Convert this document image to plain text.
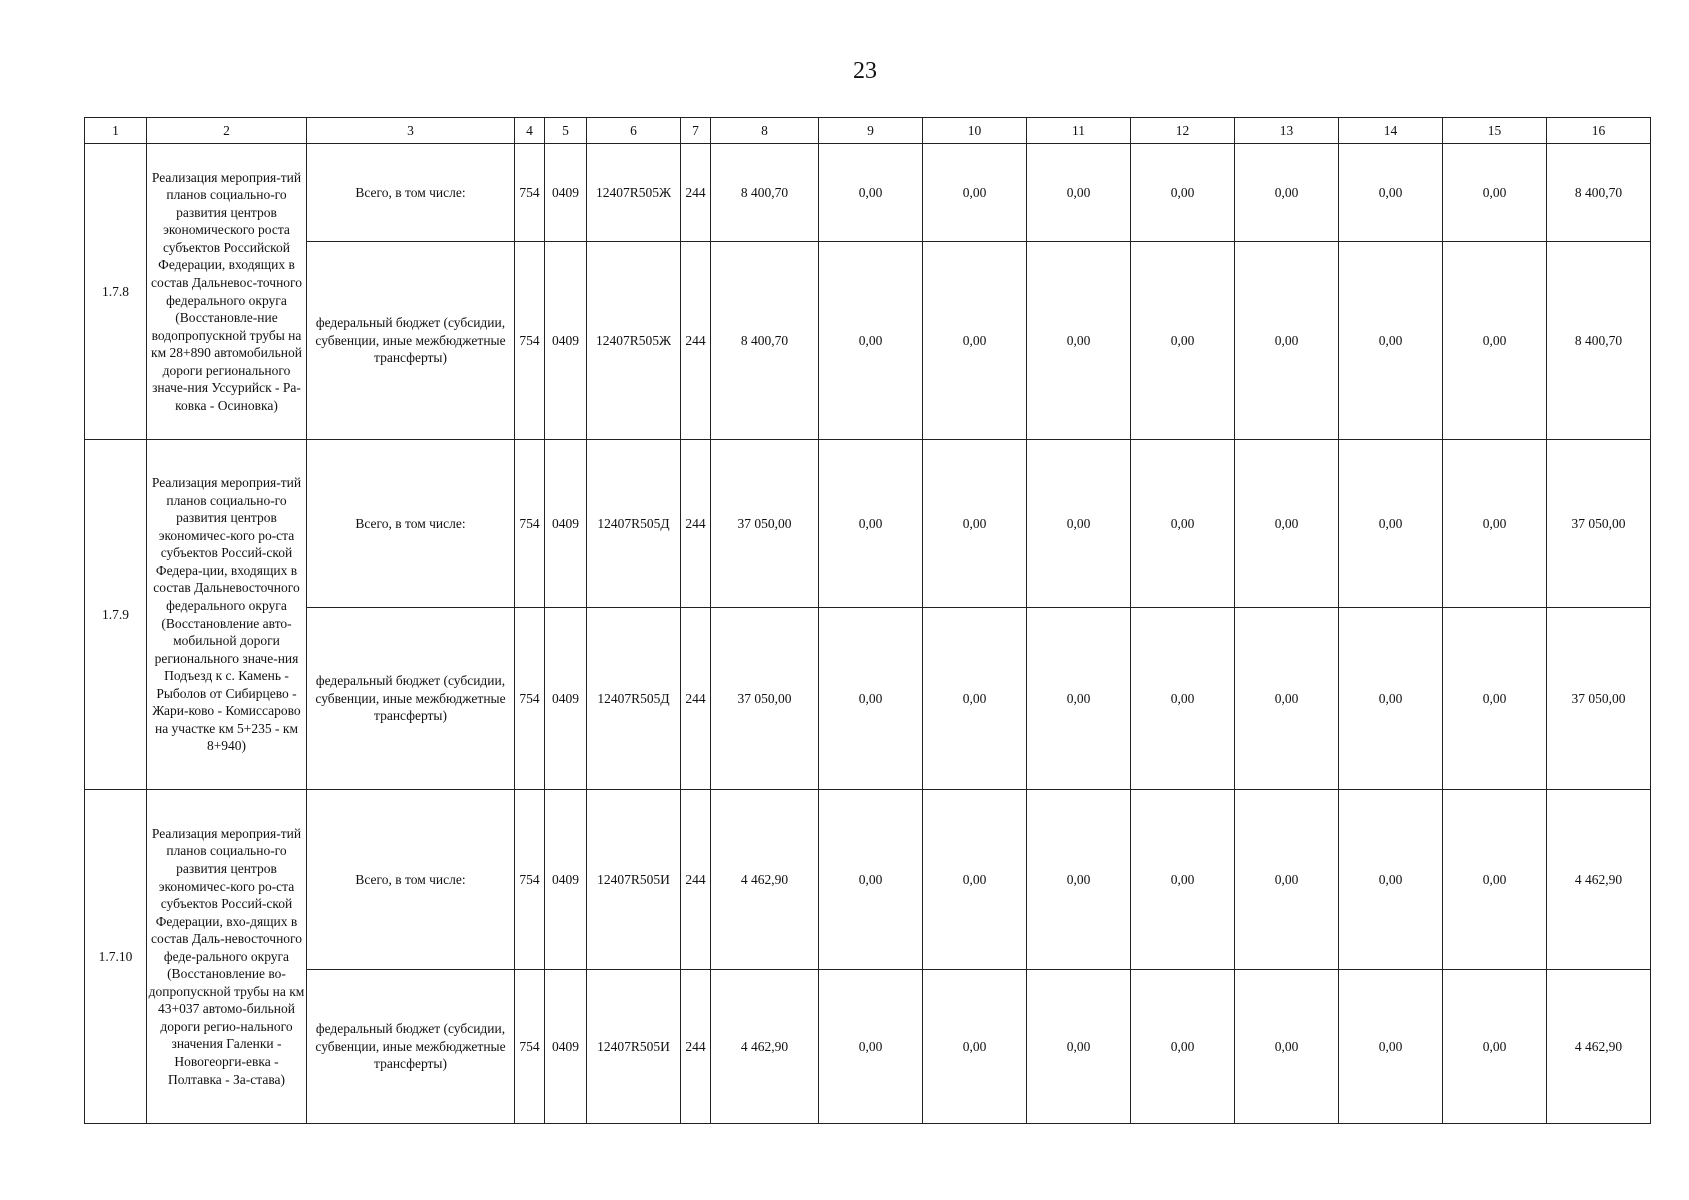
23
1	2	3	4	5	6	7	8	9	10	11	12	13	14	15	16
1.7.8	Реализация мероприя-тий планов социально-го развития центров экономического роста субъектов Российской Федерации, входящих в состав Дальневос-точного федерального округа (Восстановле-ние водопропускной трубы на км 28+890 автомобильной дороги регионального значе-ния Уссурийск - Ра-ковка - Осиновка)	Всего, в том числе:	754	0409	12407R505Ж	244	8 400,70	0,00	0,00	0,00	0,00	0,00	0,00	0,00	8 400,70
		федеральный бюджет (субсидии, субвенции, иные межбюджетные трансферты)	754	0409	12407R505Ж	244	8 400,70	0,00	0,00	0,00	0,00	0,00	0,00	0,00	8 400,70
1.7.9	Реализация мероприя-тий планов социально-го развития центров экономичес-кого ро-ста субъектов Россий-ской Федера-ции, входящих в состав Дальневосточного федерального округа (Восстановление авто-мобильной дороги регионального значе-ния Подъезд к с. Камень - Рыболов от Сибирцево - Жари-ково - Комиссарово на участке км 5+235 - км 8+940)	Всего, в том числе:	754	0409	12407R505Д	244	37 050,00	0,00	0,00	0,00	0,00	0,00	0,00	0,00	37 050,00
		федеральный бюджет (субсидии, субвенции, иные межбюджетные трансферты)	754	0409	12407R505Д	244	37 050,00	0,00	0,00	0,00	0,00	0,00	0,00	0,00	37 050,00
1.7.10	Реализация мероприя-тий планов социально-го развития центров экономичес-кого ро-ста субъектов Россий-ской Федерации, вхо-дящих в состав Даль-невосточного феде-рального округа (Восстановление во-допропускной трубы на км 43+037 автомо-бильной дороги регио-нального значения Галенки - Новогеорги-евка - Полтавка - За-става)	Всего, в том числе:	754	0409	12407R505И	244	4 462,90	0,00	0,00	0,00	0,00	0,00	0,00	0,00	4 462,90
		федеральный бюджет (субсидии, субвенции, иные межбюджетные трансферты)	754	0409	12407R505И	244	4 462,90	0,00	0,00	0,00	0,00	0,00	0,00	0,00	4 462,90
